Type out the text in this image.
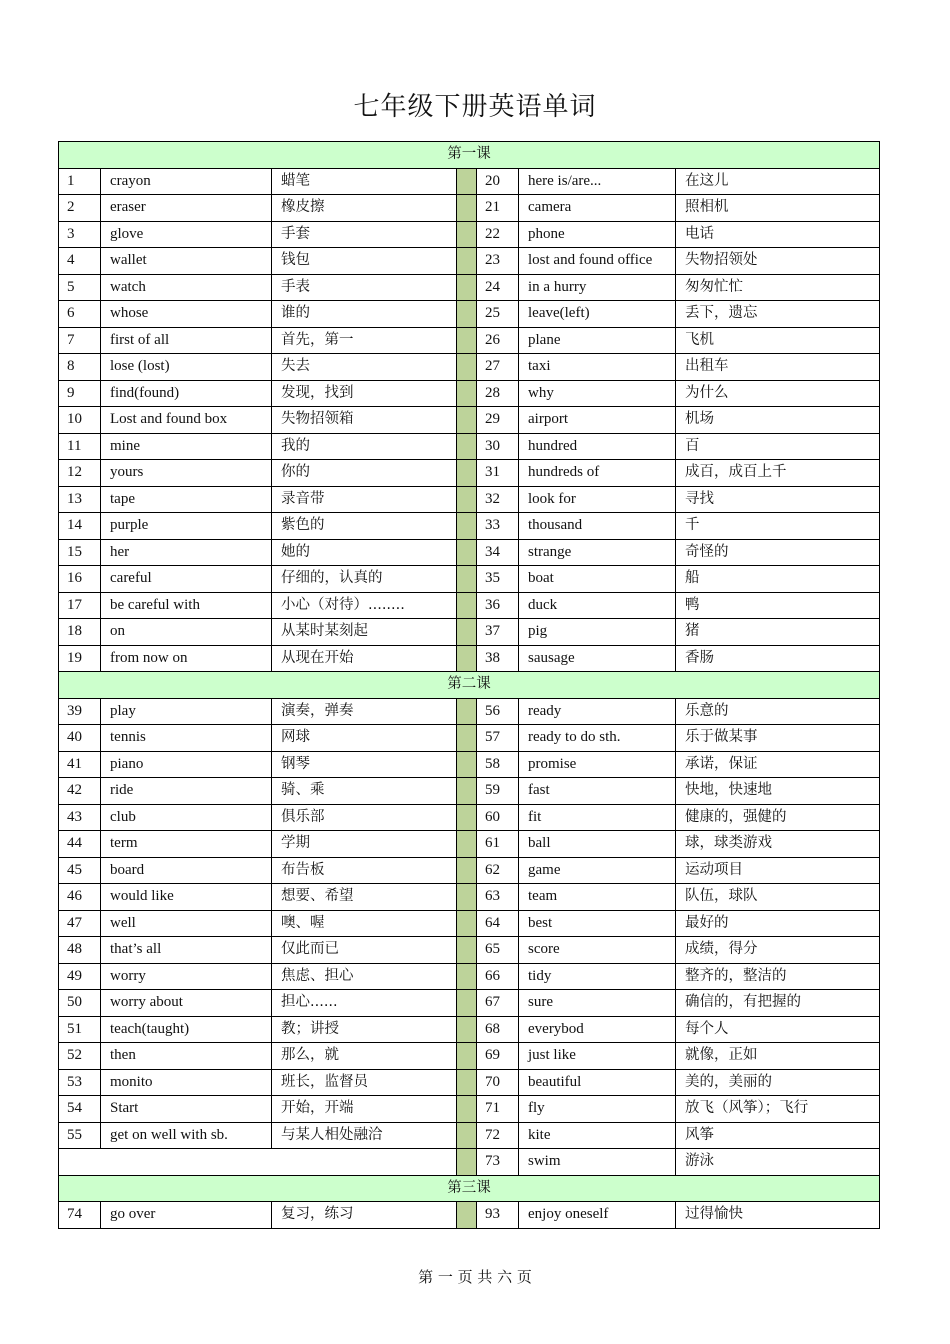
七年级下册英语单词
第一课						
1	crayon	蜡笔		20	here is/are...	在这儿
2	eraser	橡皮擦		21	camera	照相机
3	glove	手套		22	phone	电话
4	wallet	钱包		23	lost and found office	失物招领处
5	watch	手表		24	in a hurry	匆匆忙忙
6	whose	谁的		25	leave(left)	丢下，遗忘
7	first of all	首先，第一		26	plane	飞机
8	lose (lost)	失去		27	taxi	出租车
9	find(found)	发现，找到		28	why	为什么
10	Lost and found box	失物招领箱		29	airport	机场
11	mine	我的		30	hundred	百
12	yours	你的		31	hundreds of	成百，成百上千
13	tape	录音带		32	look for	寻找
14	purple	紫色的		33	thousand	千
15	her	她的		34	strange	奇怪的
16	careful	仔细的，认真的		35	boat	船
17	be careful with	小心（对待）........		36	duck	鸭
18	on	从某时某刻起		37	pig	猪
19	from now on	从现在开始		38	sausage	香肠
第二课						
39	play	演奏，弹奏		56	ready	乐意的
40	tennis	网球		57	ready to do sth.	乐于做某事
41	piano	钢琴		58	promise	承诺，保证
42	ride	骑、乘		59	fast	快地，快速地
43	club	俱乐部		60	fit	健康的，强健的
44	term	学期		61	ball	球，球类游戏
45	board	布告板		62	game	运动项目
46	would like	想要、希望		63	team	队伍，球队
47	well	噢、喔		64	best	最好的
48	that’s all	仅此而已		65	score	成绩，得分
49	worry	焦虑、担心		66	tidy	整齐的，整洁的
50	worry about	担心......		67	sure	确信的，有把握的
51	teach(taught)	教；讲授		68	everybod	每个人
52	then	那么，就		69	just like	就像，正如
53	monito	班长，监督员		70	beautiful	美的，美丽的
54	Start	开始，开端		71	fly	放飞（风筝）；飞行
55	get on well with sb.	与某人相处融洽		72	kite	风筝
				73	swim	游泳
第三课						
74	go over	复习，练习		93	enjoy oneself	过得愉快
第 一 页 共 六 页
